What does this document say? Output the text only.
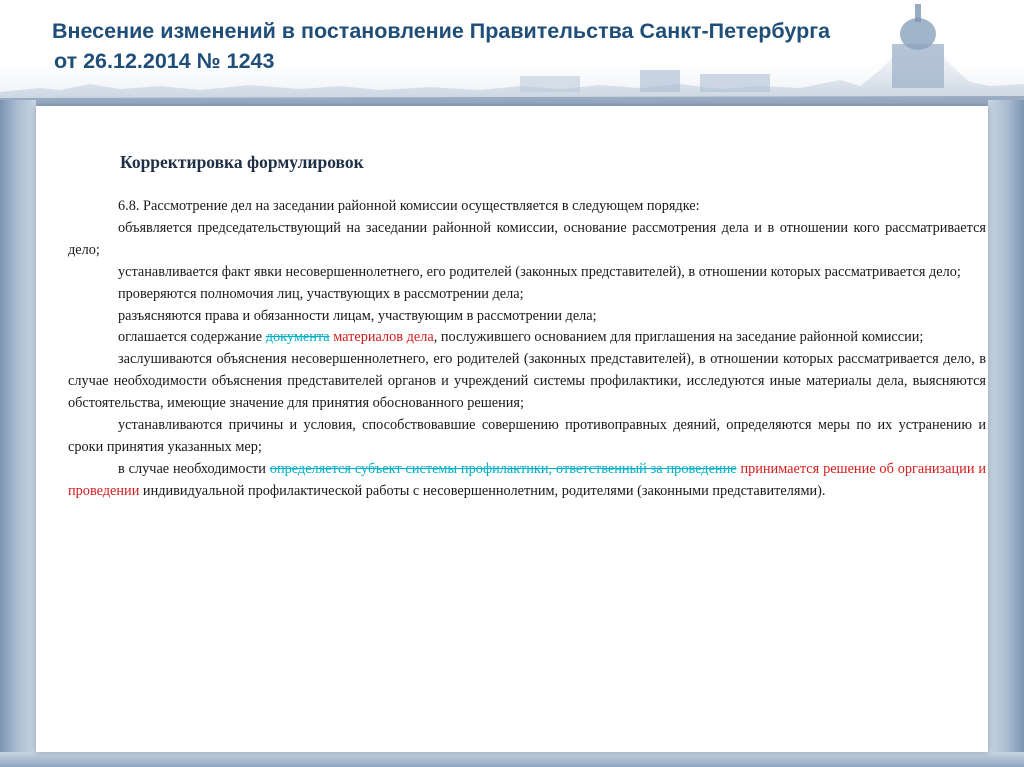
Внесение изменений в постановление Правительства Санкт-Петербурга
от 26.12.2014 № 1243
Корректировка формулировок

6.8. Рассмотрение дел на заседании районной комиссии осуществляется в следующем порядке:

объявляется председательствующий на заседании районной комиссии, основание рассмотрения дела и в отношении кого рассматривается дело;

устанавливается факт явки несовершеннолетнего, его родителей (законных представителей), в отношении которых рассматривается дело;

проверяются полномочия лиц, участвующих в рассмотрении дела;

разъясняются права и обязанности лицам, участвующим в рассмотрении дела;

оглашается содержание документа материалов дела, послужившего основанием для приглашения на заседание районной комиссии;

заслушиваются объяснения несовершеннолетнего, его родителей (законных представителей), в отношении которых рассматривается дело, в случае необходимости объяснения представителей органов и учреждений системы профилактики, исследуются иные материалы дела, выясняются обстоятельства, имеющие значение для принятия обоснованного решения;

устанавливаются причины и условия, способствовавшие совершению противоправных деяний, определяются меры по их устранению и сроки принятия указанных мер;

в случае необходимости определяется субъект системы профилактики, ответственный за проведение принимается решение об организации и проведении индивидуальной профилактической работы с несовершеннолетним, родителями (законными представителями).
